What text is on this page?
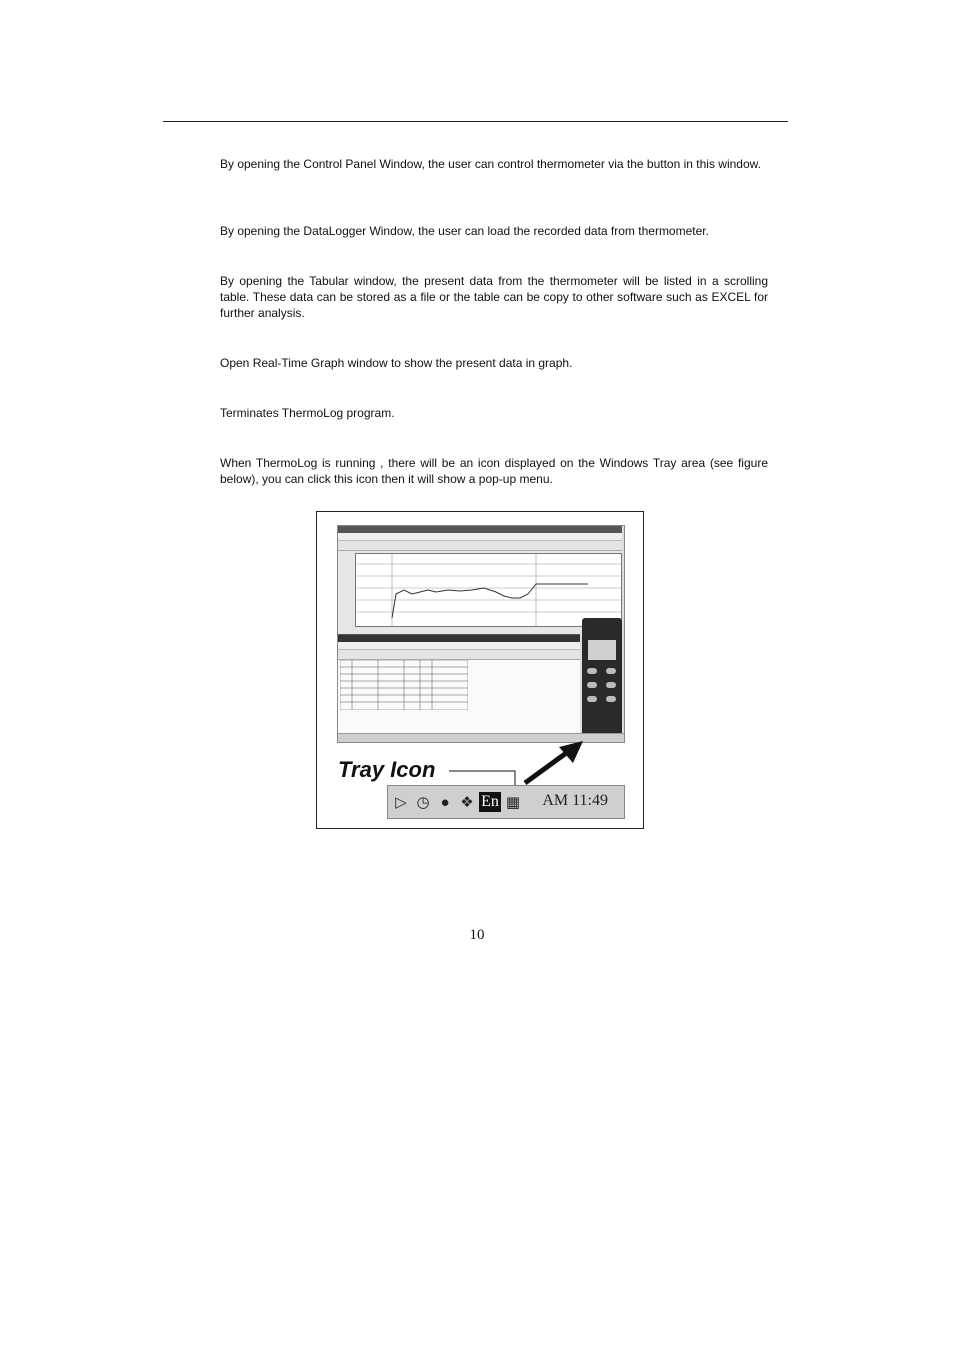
By opening the Control Panel Window, the user can control thermometer via the button in this window.

By opening the DataLogger Window, the user can load the recorded data from thermometer.

By opening the Tabular window, the present data from the thermometer will be listed in a scrolling table. These data can be stored as a file or the table can be copy to other software such as EXCEL for further analysis.

Open Real-Time Graph window to show the present data in graph.

Terminates ThermoLog program.

When ThermoLog is running , there will be an icon displayed on the Windows Tray area (see figure below), you can click this icon then it will show a pop-up menu.

Tray Icon
▷ ◷ ● ❖ En ▦ AM 11:49
10
